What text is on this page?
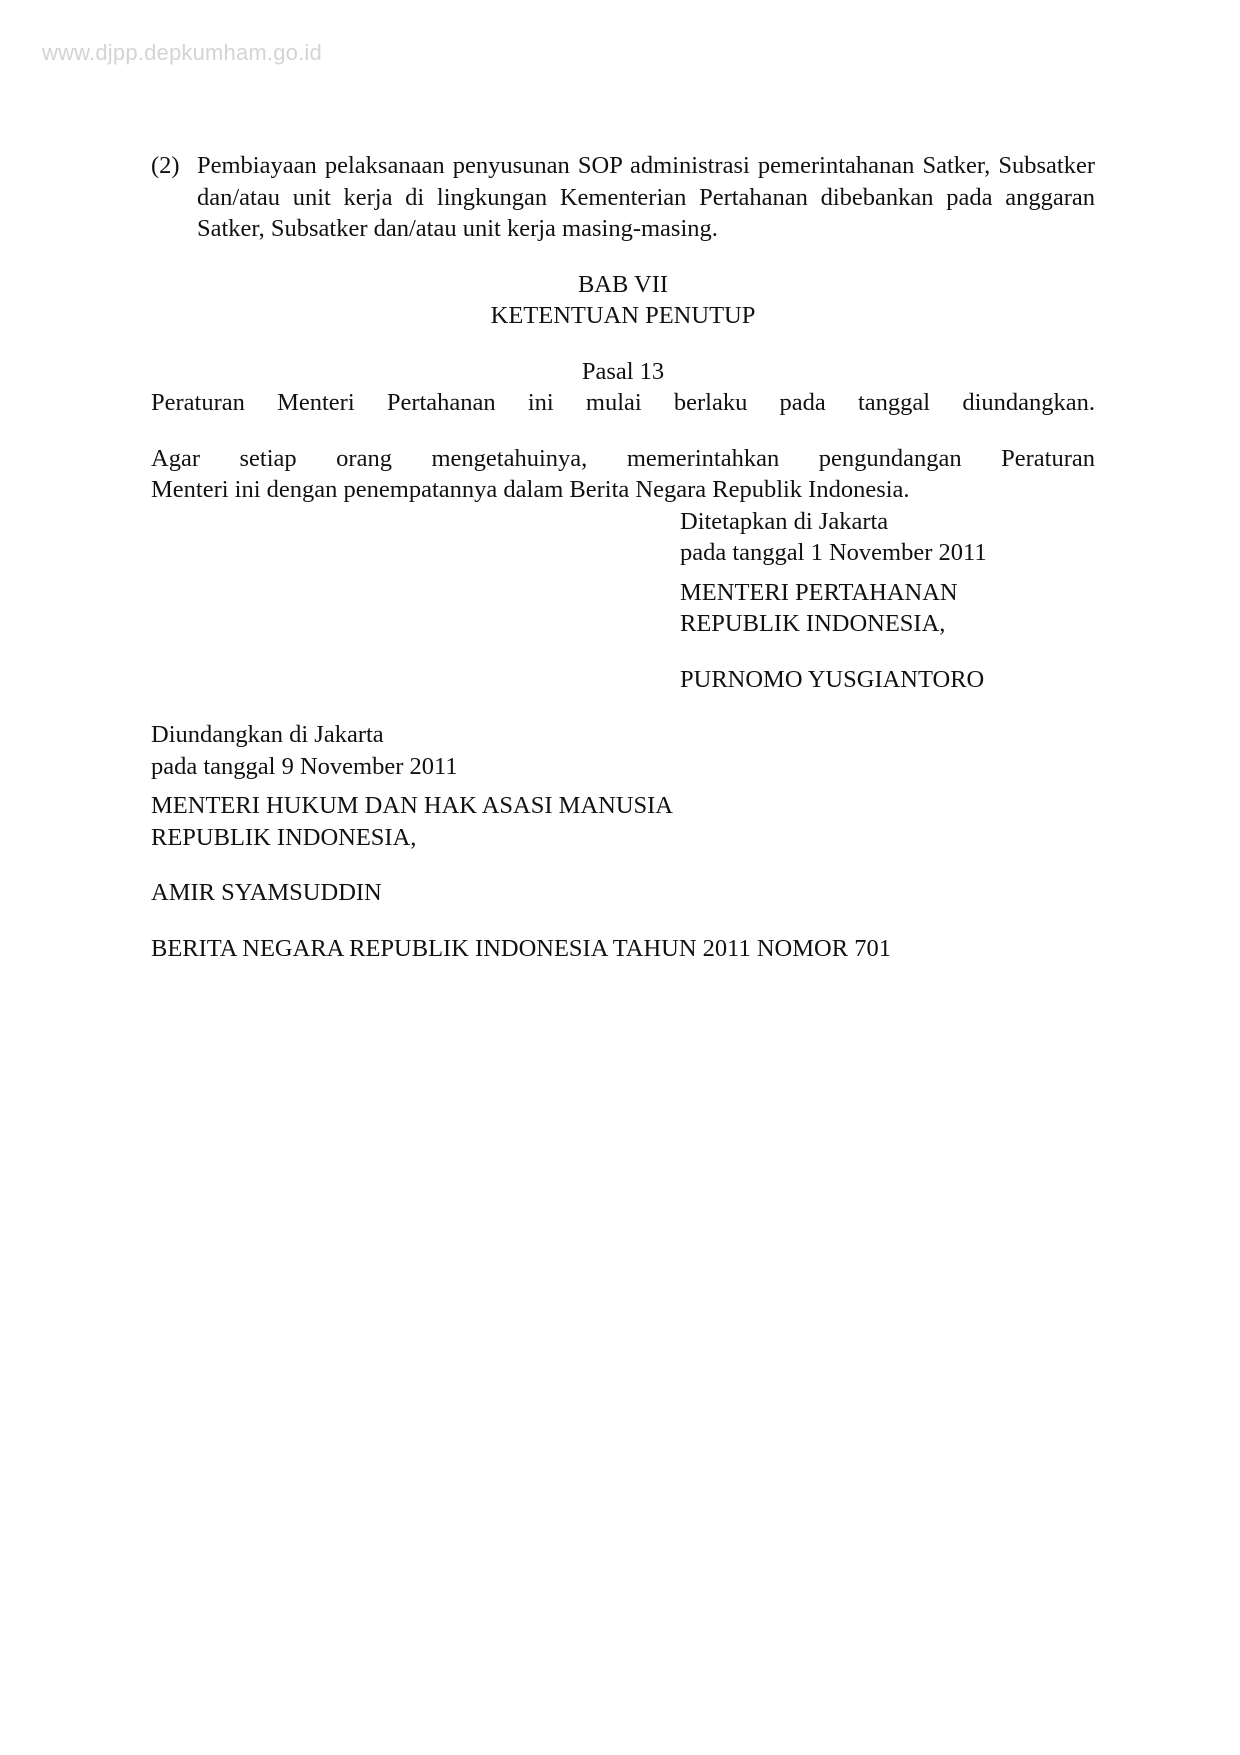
www.djpp.depkumham.go.id
(2) Pembiayaan pelaksanaan penyusunan SOP administrasi pemerintahanan Satker, Subsatker dan/atau unit kerja di lingkungan Kementerian Pertahanan dibebankan pada anggaran Satker, Subsatker dan/atau unit kerja masing-masing.
BAB VII
KETENTUAN PENUTUP
Pasal 13
Peraturan Menteri Pertahanan ini mulai berlaku pada tanggal diundangkan.
Agar setiap orang mengetahuinya, memerintahkan pengundangan Peraturan
Menteri ini dengan penempatannya dalam Berita Negara Republik Indonesia.
Ditetapkan di Jakarta
pada tanggal 1 November 2011
MENTERI PERTAHANAN
REPUBLIK INDONESIA,
PURNOMO YUSGIANTORO
Diundangkan di Jakarta
pada tanggal 9 November 2011
MENTERI HUKUM DAN HAK ASASI MANUSIA
REPUBLIK INDONESIA,
AMIR SYAMSUDDIN
BERITA NEGARA REPUBLIK INDONESIA TAHUN 2011 NOMOR 701
